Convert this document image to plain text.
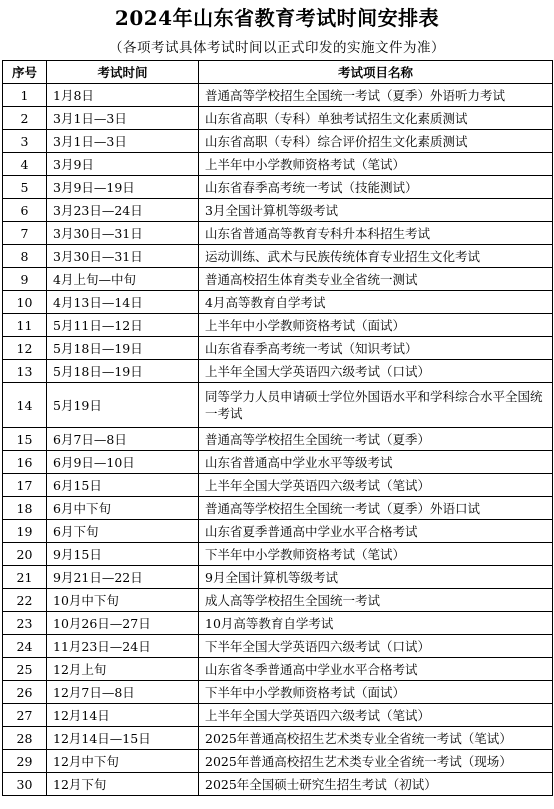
2024年山东省教育考试时间安排表
（各项考试具体考试时间以正式印发的实施文件为准）
序号	考试时间	考试项目名称
1	1月8日	普通高等学校招生全国统一考试（夏季）外语听力考试
2	3月1日—3日	山东省高职（专科）单独考试招生文化素质测试
3	3月1日—3日	山东省高职（专科）综合评价招生文化素质测试
4	3月9日	上半年中小学教师资格考试（笔试）
5	3月9日—19日	山东省春季高考统一考试（技能测试）
6	3月23日—24日	3月全国计算机等级考试
7	3月30日—31日	山东省普通高等教育专科升本科招生考试
8	3月30日—31日	运动训练、武术与民族传统体育专业招生文化考试
9	4月上旬—中旬	普通高校招生体育类专业全省统一测试
10	4月13日—14日	4月高等教育自学考试
11	5月11日—12日	上半年中小学教师资格考试（面试）
12	5月18日—19日	山东省春季高考统一考试（知识考试）
13	5月18日—19日	上半年全国大学英语四六级考试（口试）
14	5月19日	同等学力人员申请硕士学位外国语水平和学科综合水平全国统一考试
15	6月7日—8日	普通高等学校招生全国统一考试（夏季）
16	6月9日—10日	山东省普通高中学业水平等级考试
17	6月15日	上半年全国大学英语四六级考试（笔试）
18	6月中下旬	普通高等学校招生全国统一考试（夏季）外语口试
19	6月下旬	山东省夏季普通高中学业水平合格考试
20	9月15日	下半年中小学教师资格考试（笔试）
21	9月21日—22日	9月全国计算机等级考试
22	10月中下旬	成人高等学校招生全国统一考试
23	10月26日—27日	10月高等教育自学考试
24	11月23日—24日	下半年全国大学英语四六级考试（口试）
25	12月上旬	山东省冬季普通高中学业水平合格考试
26	12月7日—8日	下半年中小学教师资格考试（面试）
27	12月14日	上半年全国大学英语四六级考试（笔试）
28	12月14日—15日	2025年普通高校招生艺术类专业全省统一考试（笔试）
29	12月中下旬	2025年普通高校招生艺术类专业全省统一考试（现场）
30	12月下旬	2025年全国硕士研究生招生考试（初试）
